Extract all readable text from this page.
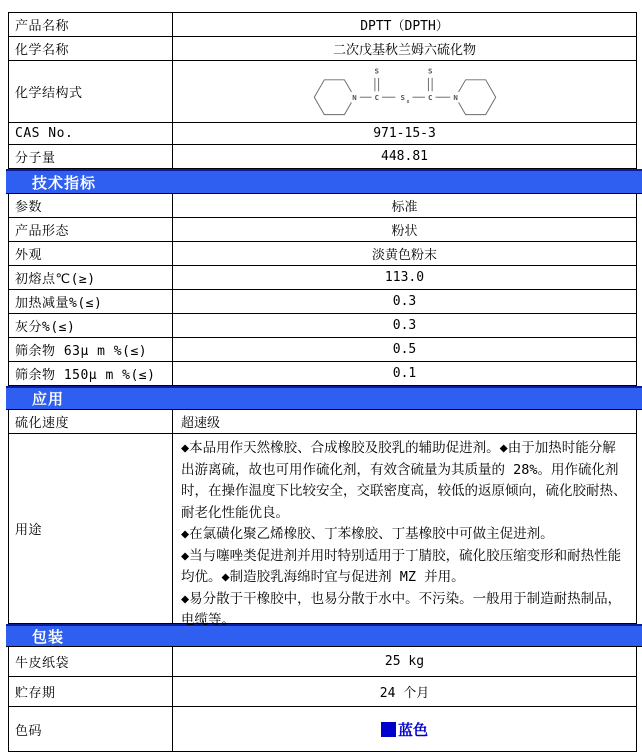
产品名称	DPTT（DPTH）
化学名称	二次戊基秋兰姆六硫化物
化学结构式	N C
S
S
x
C
S
N
CAS No.	971-15-3
分子量	448.81
技术指标
参数	标准
产品形态	粉状
外观	淡黄色粉末
初熔点℃(≥)	113.0
加热减量%(≤)	0.3
灰分%(≤)	0.3
筛余物 63μ m %(≤)	0.5
筛余物 150μ m %(≤)	0.1
应用
硫化速度	超速级
用途
◆本品用作天然橡胶、合成橡胶及胶乳的辅助促进剂。◆由于加热时能分解出游离硫，故也可用作硫化剂，有效含硫量为其质量的 28%。用作硫化剂时，在操作温度下比较安全，交联密度高，较低的返原倾向，硫化胶耐热、耐老化性能优良。
◆在氯磺化聚乙烯橡胶、丁苯橡胶、丁基橡胶中可做主促进剂。
◆当与噻唑类促进剂并用时特别适用于丁腈胶，硫化胶压缩变形和耐热性能均优。◆制造胶乳海绵时宜与促进剂 MZ 并用。
◆易分散于干橡胶中，也易分散于水中。不污染。一般用于制造耐热制品，电缆等。
包装
牛皮纸袋	25 kg
贮存期	24 个月
色码	蓝色
